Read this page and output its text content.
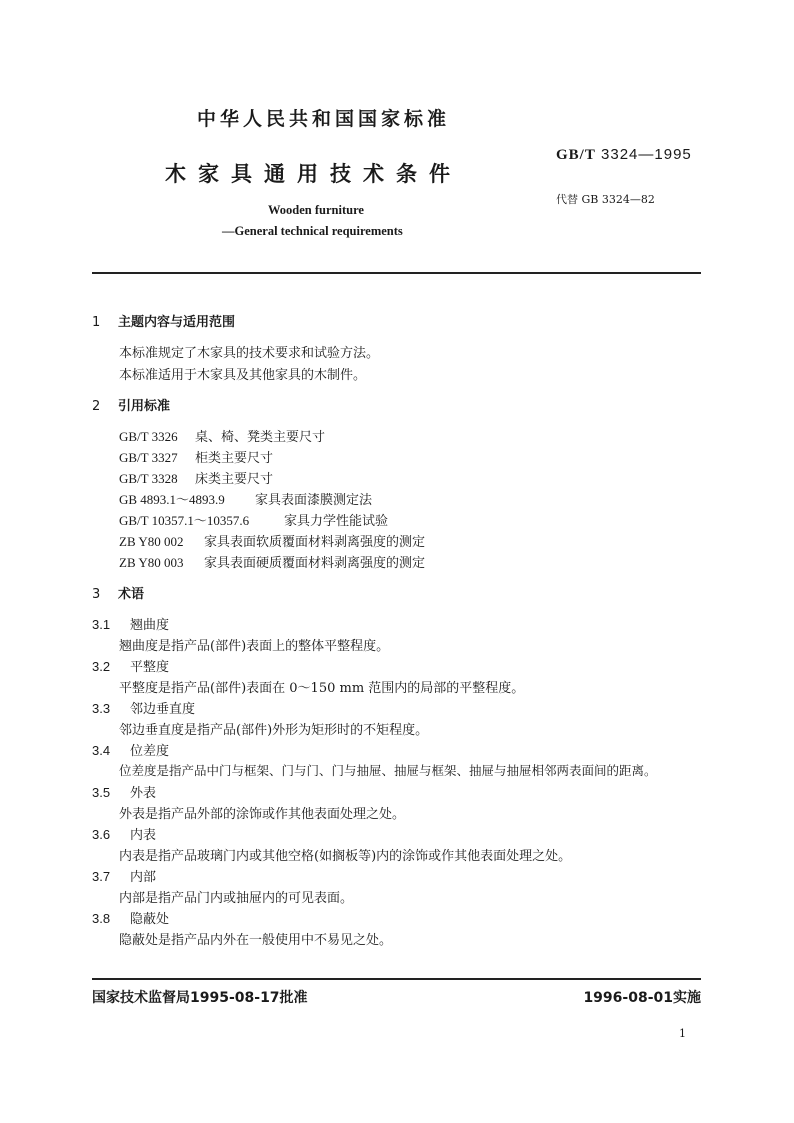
中华人民共和国国家标准
木家具通用技术条件
GB/T 3324—1995
代替 GB 3324—82
Wooden furniture
—General technical requirements
1 主题内容与适用范围
本标准规定了木家具的技术要求和试验方法。
本标准适用于木家具及其他家具的木制件。
2 引用标准
GB/T 3326 桌、椅、凳类主要尺寸
GB/T 3327 柜类主要尺寸
GB/T 3328 床类主要尺寸
GB 4893.1～4893.9 家具表面漆膜测定法
GB/T 10357.1～10357.6	家具力学性能试验
ZB Y80 002 家具表面软质覆面材料剥离强度的测定
ZB Y80 003 家具表面硬质覆面材料剥离强度的测定
3 术语
3.1 翘曲度
翘曲度是指产品(部件)表面上的整体平整程度。
3.2 平整度
平整度是指产品(部件)表面在 0～150 mm 范围内的局部的平整程度。
3.3 邻边垂直度
邻边垂直度是指产品(部件)外形为矩形时的不矩程度。
3.4 位差度
位差度是指产品中门与框架、门与门、门与抽屉、抽屉与框架、抽屉与抽屉相邻两表面间的距离。
3.5 外表
外表是指产品外部的涂饰或作其他表面处理之处。
3.6 内表
内表是指产品玻璃门内或其他空格(如搁板等)内的涂饰或作其他表面处理之处。
3.7 内部
内部是指产品门内或抽屉内的可见表面。
3.8 隐蔽处
隐蔽处是指产品内外在一般使用中不易见之处。
国家技术监督局1995-08-17批准	1996-08-01实施
1
